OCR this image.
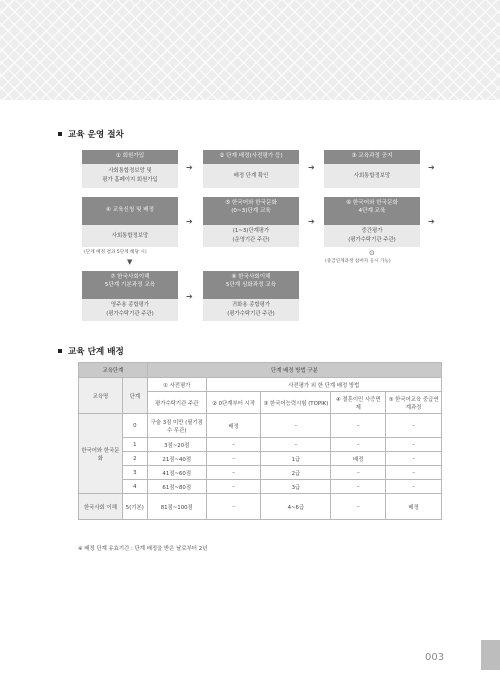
교육 운영 절차
① 회원가입
사회통합정보망 및
평가 홈페이지 회원가입
➔
② 단계 배정(사전평가 등)
배정 단계 확인
➔
③ 교육과정 공지
사회통합정보망
➔
④ 교육신청 및 배정
사회통합정보망
➔
⑤ 한국어와 한국문화
(0~3)단계 교육
(1~3)단계평가
(운영기관 주관)
➔
⑥ 한국어와 한국문화
4단계 교육
중간평가
(평가수탁기관 주관)
➔
(단계 배정 결과 5단계 해당 시)
▼
⊙
(중급연계과정 참여자 응시 가능)
⑦ 한국사회이해
5단계 기본과정 교육
영주용 종합평가
(평가수탁기관 주관)
➔
⑧ 한국사회이해
5단계 심화과정 교육
귀화용 종합평가
(평가수탁기관 주관)
교육 단계 배정
교육단계		단계 배정 방법 구분				
교육명	단계	① 사전평가	사전평가 외 한 단계 배정 방법			
		평가수탁기관 주관	② 0단계부터 시작	③ 한국어능력시험 (TOPIK)	④ 결혼이민 사증면제	⑤ 한국어교육 중급연계과정
한국어와 한국문화	0	구술 3점 미만 (필기점수 무관)	배정	–	–	–
	1	3점~20점	–	–	–	–
	2	21점~40점	–	1급	배정	–
	3	41점~60점	–	2급	–	–
	4	61점~80점	–	3급	–	–
한국사회 이해	5(기본)	81점~100점	–	4~6급	–	배정
※ 배정 단계 유효기간 : 단계 배정을 받은 날로부터 2년
003
